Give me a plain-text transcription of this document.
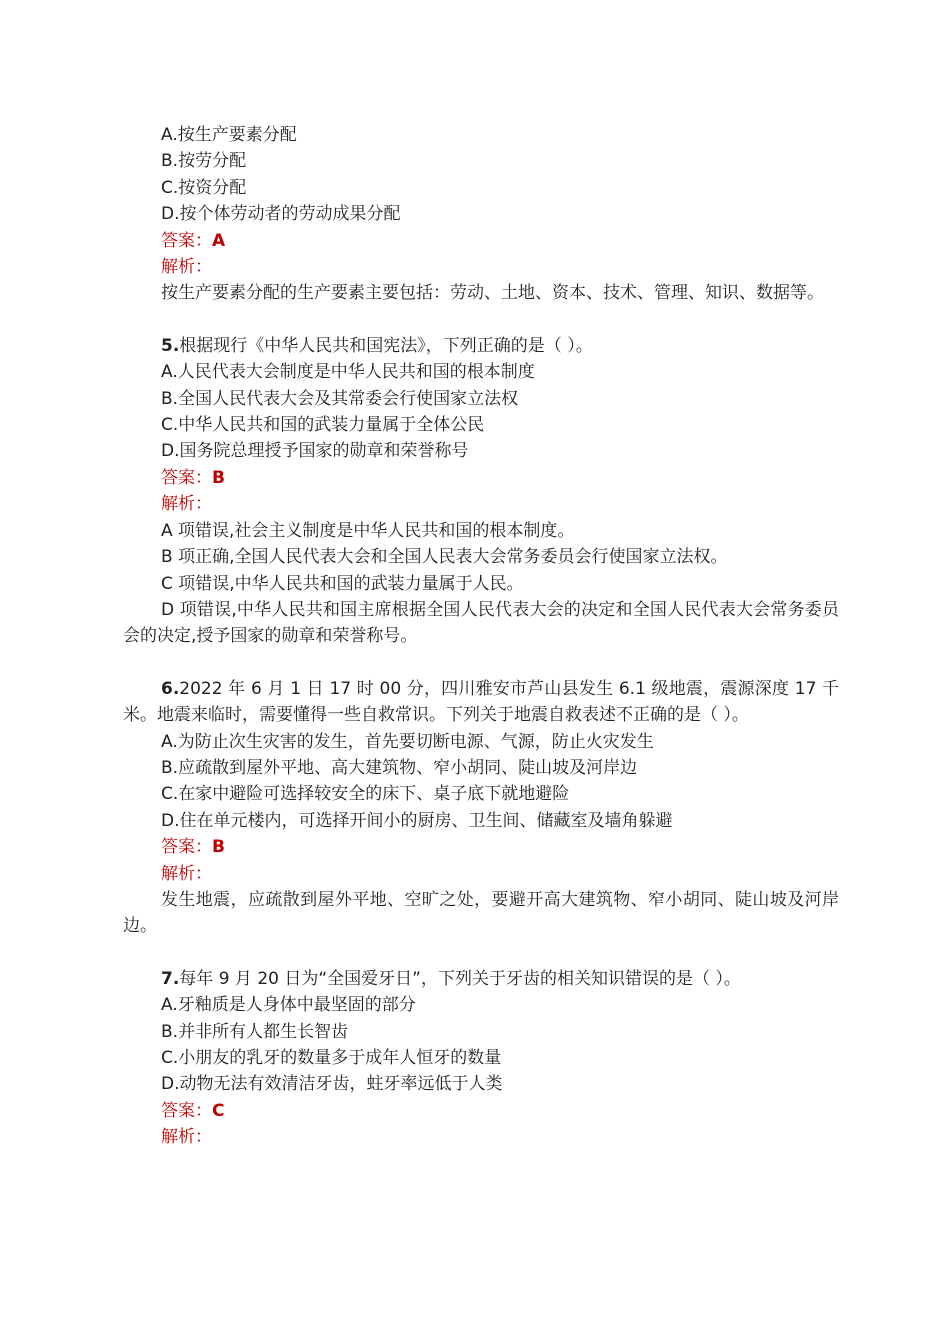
A.按生产要素分配
B.按劳分配
C.按资分配
D.按个体劳动者的劳动成果分配
答案：A
解析：
按生产要素分配的生产要素主要包括：劳动、土地、资本、技术、管理、知识、数据等。
5.根据现行《中华人民共和国宪法》，下列正确的是（ ）。
A.人民代表大会制度是中华人民共和国的根本制度
B.全国人民代表大会及其常委会行使国家立法权
C.中华人民共和国的武装力量属于全体公民
D.国务院总理授予国家的勋章和荣誉称号
答案：B
解析：
A 项错误,社会主义制度是中华人民共和国的根本制度。
B 项正确,全国人民代表大会和全国人民表大会常务委员会行使国家立法权。
C 项错误,中华人民共和国的武装力量属于人民。
D 项错误,中华人民共和国主席根据全国人民代表大会的决定和全国人民代表大会常务委员会的决定,授予国家的勋章和荣誉称号。
6.2022 年 6 月 1 日 17 时 00 分，四川雅安市芦山县发生 6.1 级地震，震源深度 17 千米。地震来临时，需要懂得一些自救常识。下列关于地震自救表述不正确的是（ ）。
A.为防止次生灾害的发生，首先要切断电源、气源，防止火灾发生
B.应疏散到屋外平地、高大建筑物、窄小胡同、陡山坡及河岸边
C.在家中避险可选择较安全的床下、桌子底下就地避险
D.住在单元楼内，可选择开间小的厨房、卫生间、储藏室及墙角躲避
答案：B
解析：
发生地震，应疏散到屋外平地、空旷之处，要避开高大建筑物、窄小胡同、陡山坡及河岸边。
7.每年 9 月 20 日为“全国爱牙日”，下列关于牙齿的相关知识错误的是（ ）。
A.牙釉质是人身体中最坚固的部分
B.并非所有人都生长智齿
C.小朋友的乳牙的数量多于成年人恒牙的数量
D.动物无法有效清洁牙齿，蛀牙率远低于人类
答案：C
解析：
